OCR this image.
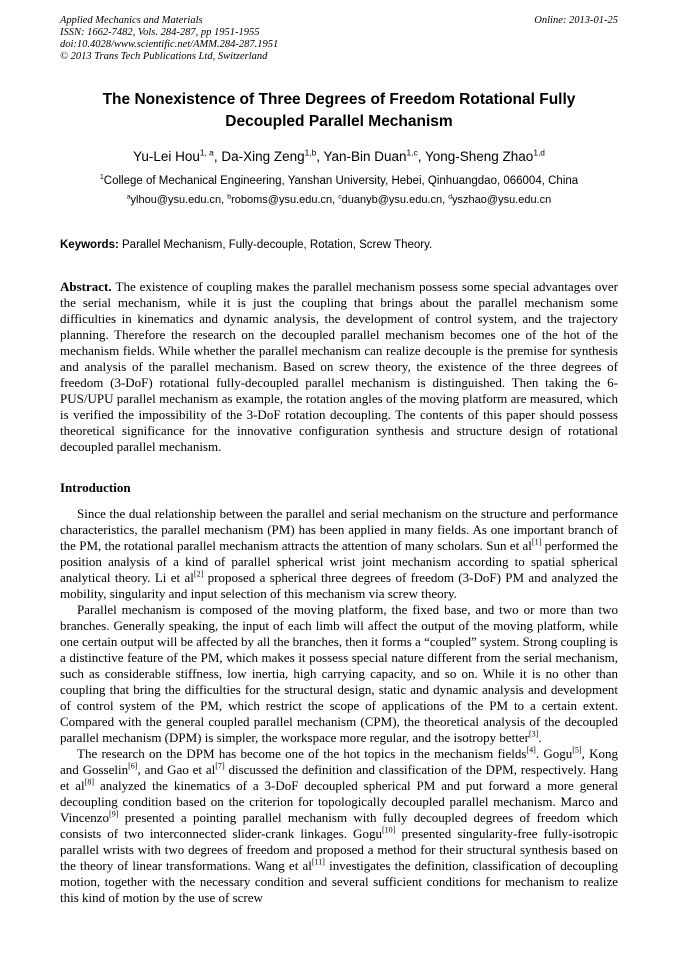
Applied Mechanics and Materials
ISSN: 1662-7482, Vols. 284-287, pp 1951-1955
doi:10.4028/www.scientific.net/AMM.284-287.1951
© 2013 Trans Tech Publications Ltd, Switzerland
Online: 2013-01-25
The Nonexistence of Three Degrees of Freedom Rotational Fully Decoupled Parallel Mechanism

Yu-Lei Hou$^{1, a}$, Da-Xing Zeng$^{1,b}$, Yan-Bin Duan$^{1,c}$, Yong-Sheng Zhao$^{1,d}$

$^1$College of Mechanical Engineering, Yanshan University, Hebei, Qinhuangdao, 066004, China

$^a$ylhou@ysu.edu.cn, $^b$roboms@ysu.edu.cn, $^c$duanyb@ysu.edu.cn, $^d$yszhao@ysu.edu.cn

Keywords: Parallel Mechanism, Fully-decouple, Rotation, Screw Theory.

Abstract. The existence of coupling makes the parallel mechanism possess some special advantages over the serial mechanism, while it is just the coupling that brings about the parallel mechanism some difficulties in kinematics and dynamic analysis, the development of control system, and the trajectory planning. Therefore the research on the decoupled parallel mechanism becomes one of the hot of the mechanism fields. While whether the parallel mechanism can realize decouple is the premise for synthesis and analysis of the parallel mechanism. Based on screw theory, the existence of the three degrees of freedom (3-DoF) rotational fully-decoupled parallel mechanism is distinguished. Then taking the 6-PUS/UPU parallel mechanism as example, the rotation angles of the moving platform are measured, which is verified the impossibility of the 3-DoF rotation decoupling. The contents of this paper should possess theoretical significance for the innovative configuration synthesis and structure design of rotational decoupled parallel mechanism.

Introduction

Since the dual relationship between the parallel and serial mechanism on the structure and performance characteristics, the parallel mechanism (PM) has been applied in many fields. As one important branch of the PM, the rotational parallel mechanism attracts the attention of many scholars. Sun et al[1] performed the position analysis of a kind of parallel spherical wrist joint mechanism according to spatial spherical analytical theory. Li et al[2] proposed a spherical three degrees of freedom (3-DoF) PM and analyzed the mobility, singularity and input selection of this mechanism via screw theory.

Parallel mechanism is composed of the moving platform, the fixed base, and two or more than two branches. Generally speaking, the input of each limb will affect the output of the moving platform, while one certain output will be affected by all the branches, then it forms a “coupled” system. Strong coupling is a distinctive feature of the PM, which makes it possess special nature different from the serial mechanism, such as considerable stiffness, low inertia, high carrying capacity, and so on. While it is no other than coupling that bring the difficulties for the structural design, static and dynamic analysis and development of control system of the PM, which restrict the scope of applications of the PM to a certain extent. Compared with the general coupled parallel mechanism (CPM), the theoretical analysis of the decoupled parallel mechanism (DPM) is simpler, the workspace more regular, and the isotropy better[3].

The research on the DPM has become one of the hot topics in the mechanism fields[4]. Gogu[5], Kong and Gosselin[6], and Gao et al[7] discussed the definition and classification of the DPM, respectively. Hang et al[8] analyzed the kinematics of a 3-DoF decoupled spherical PM and put forward a more general decoupling condition based on the criterion for topologically decoupled parallel mechanism. Marco and Vincenzo[9] presented a pointing parallel mechanism with fully decoupled degrees of freedom which consists of two interconnected slider-crank linkages. Gogu[10] presented singularity-free fully-isotropic parallel wrists with two degrees of freedom and proposed a method for their structural synthesis based on the theory of linear transformations. Wang et al[11] investigates the definition, classification of decoupling motion, together with the necessary condition and several sufficient conditions for mechanism to realize this kind of motion by the use of screw
